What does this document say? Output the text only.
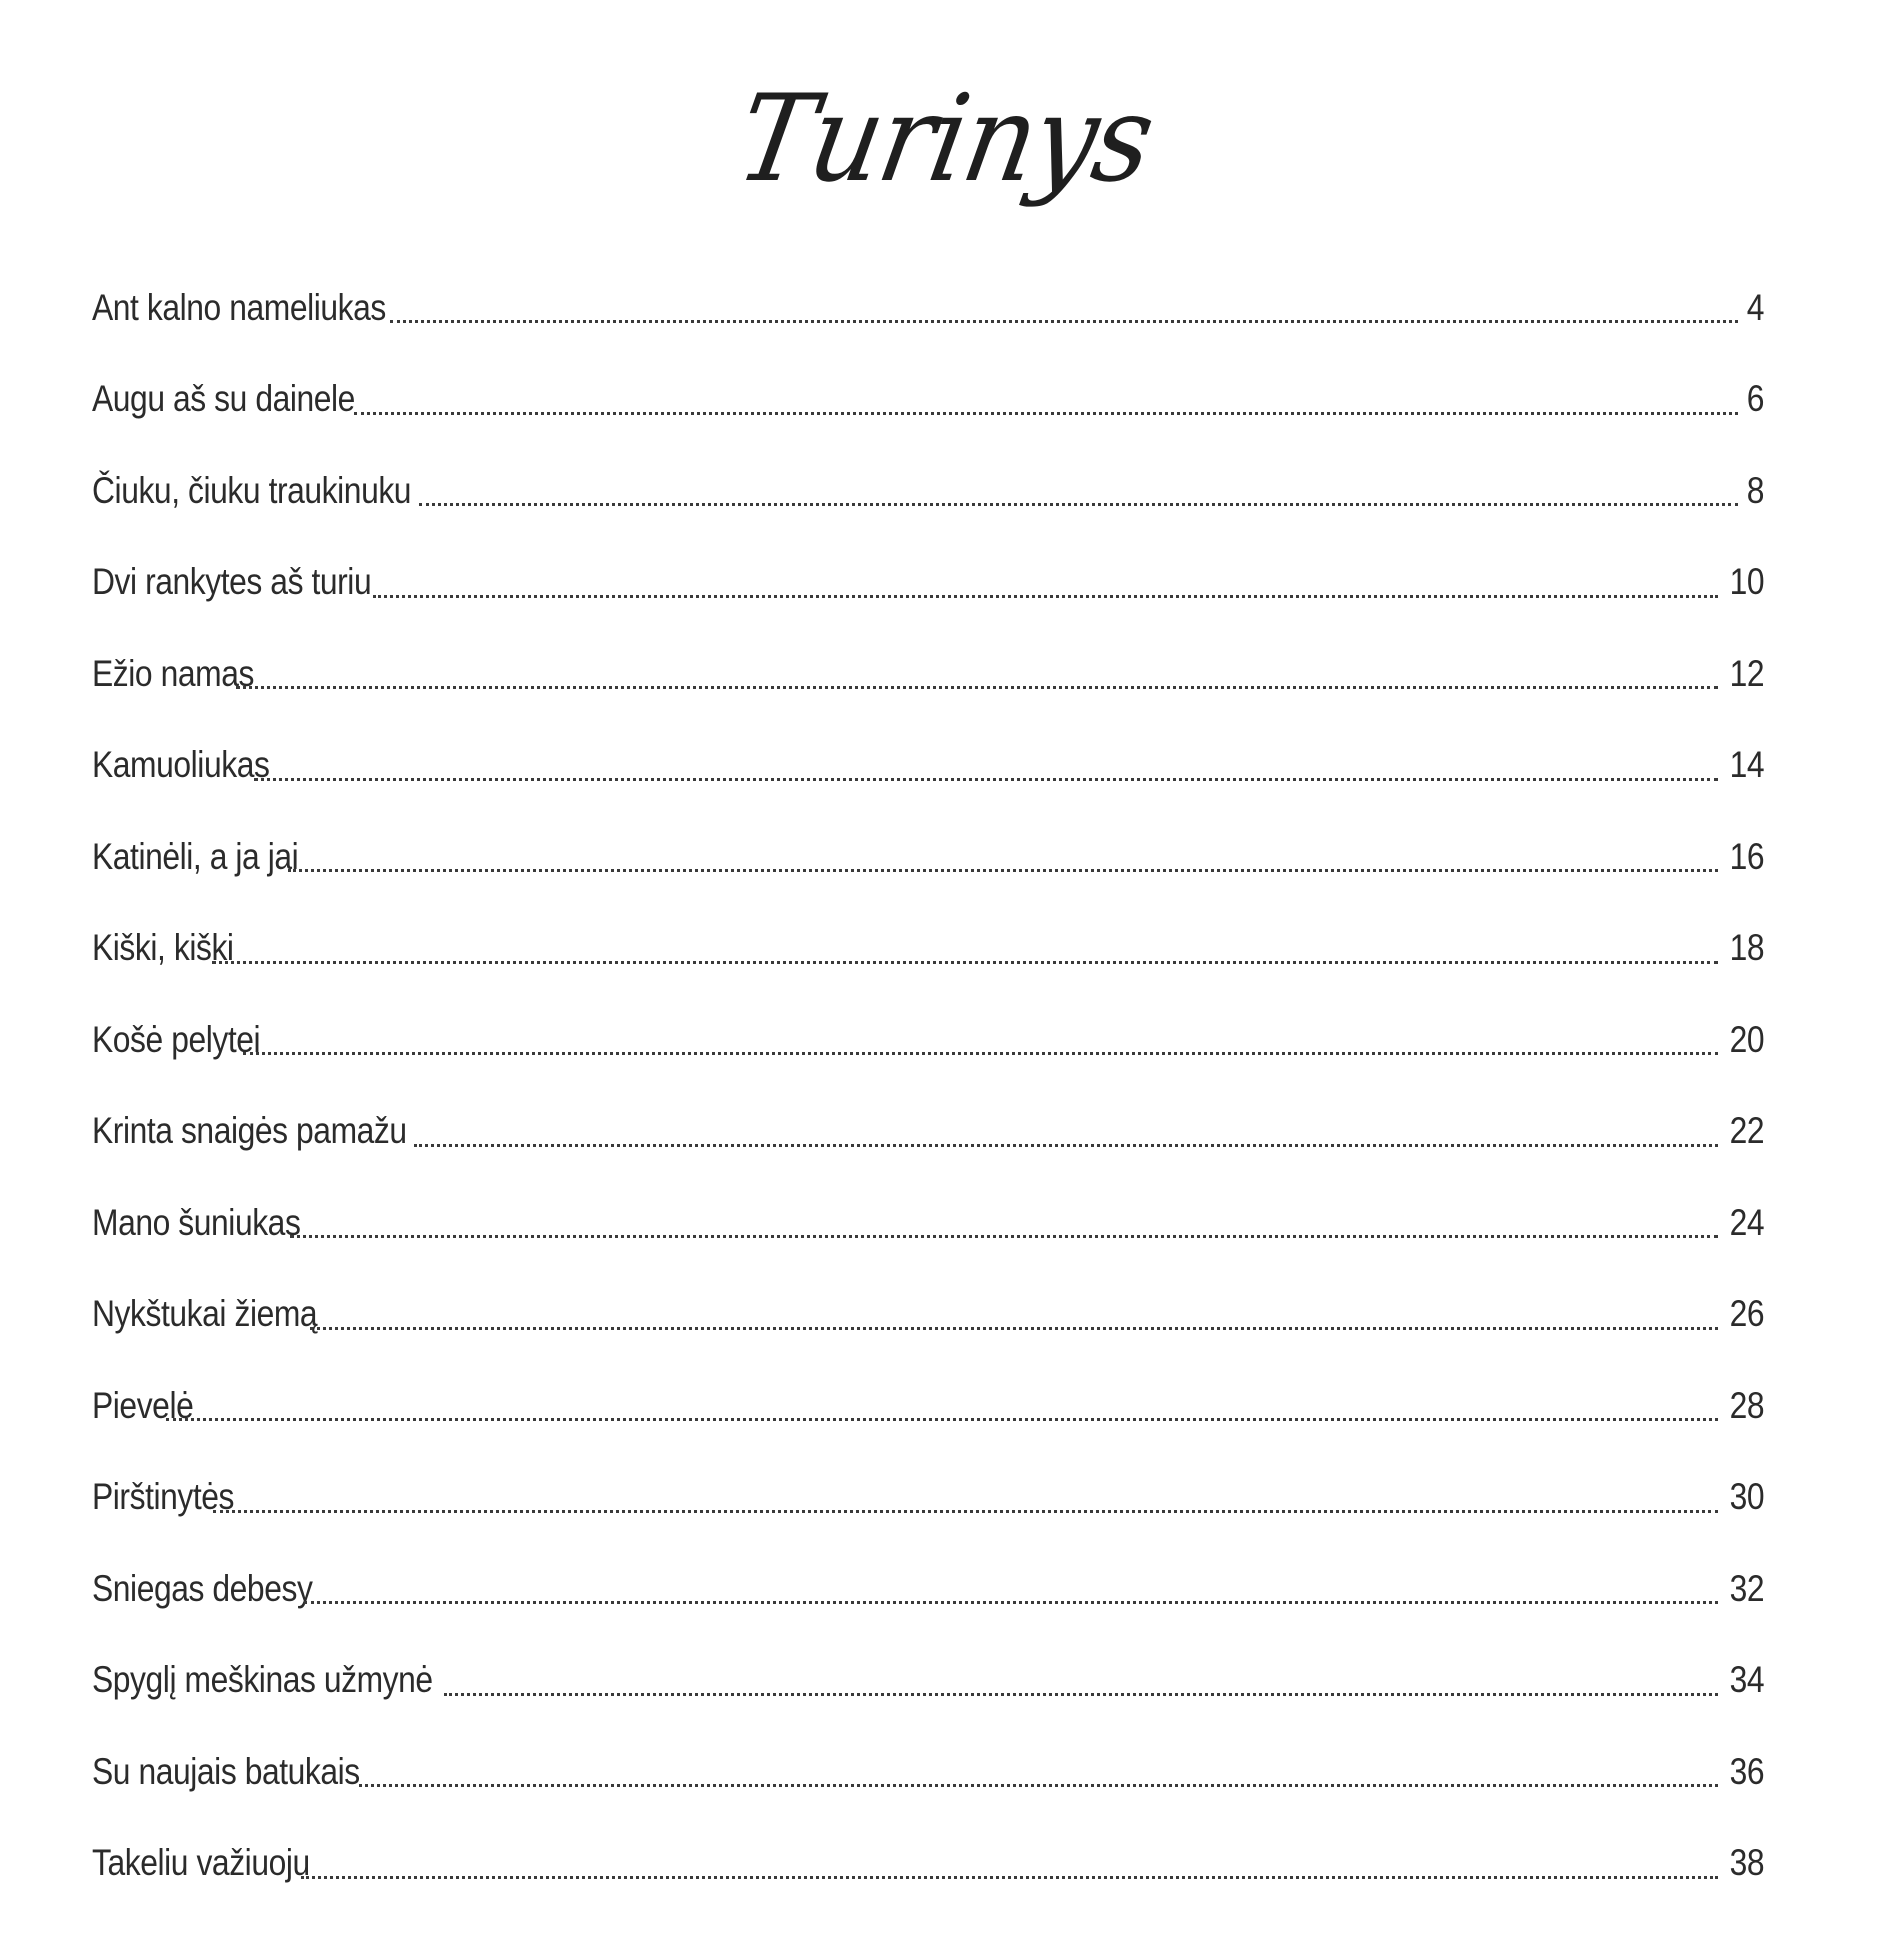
Turinys
Ant kalno nameliukas	4
Augu aš su dainele	6
Čiuku, čiuku traukinuku	8
Dvi rankytes aš turiu	10
Ežio namas	12
Kamuoliukas	14
Katinėli, a ja jai	16
Kiški, kiški	18
Košė pelytei	20
Krinta snaigės pamažu	22
Mano šuniukas	24
Nykštukai žiemą	26
Pievelė	28
Pirštinytės	30
Sniegas debesy	32
Spyglį meškinas užmynė	34
Su naujais batukais	36
Takeliu važiuoju	38
